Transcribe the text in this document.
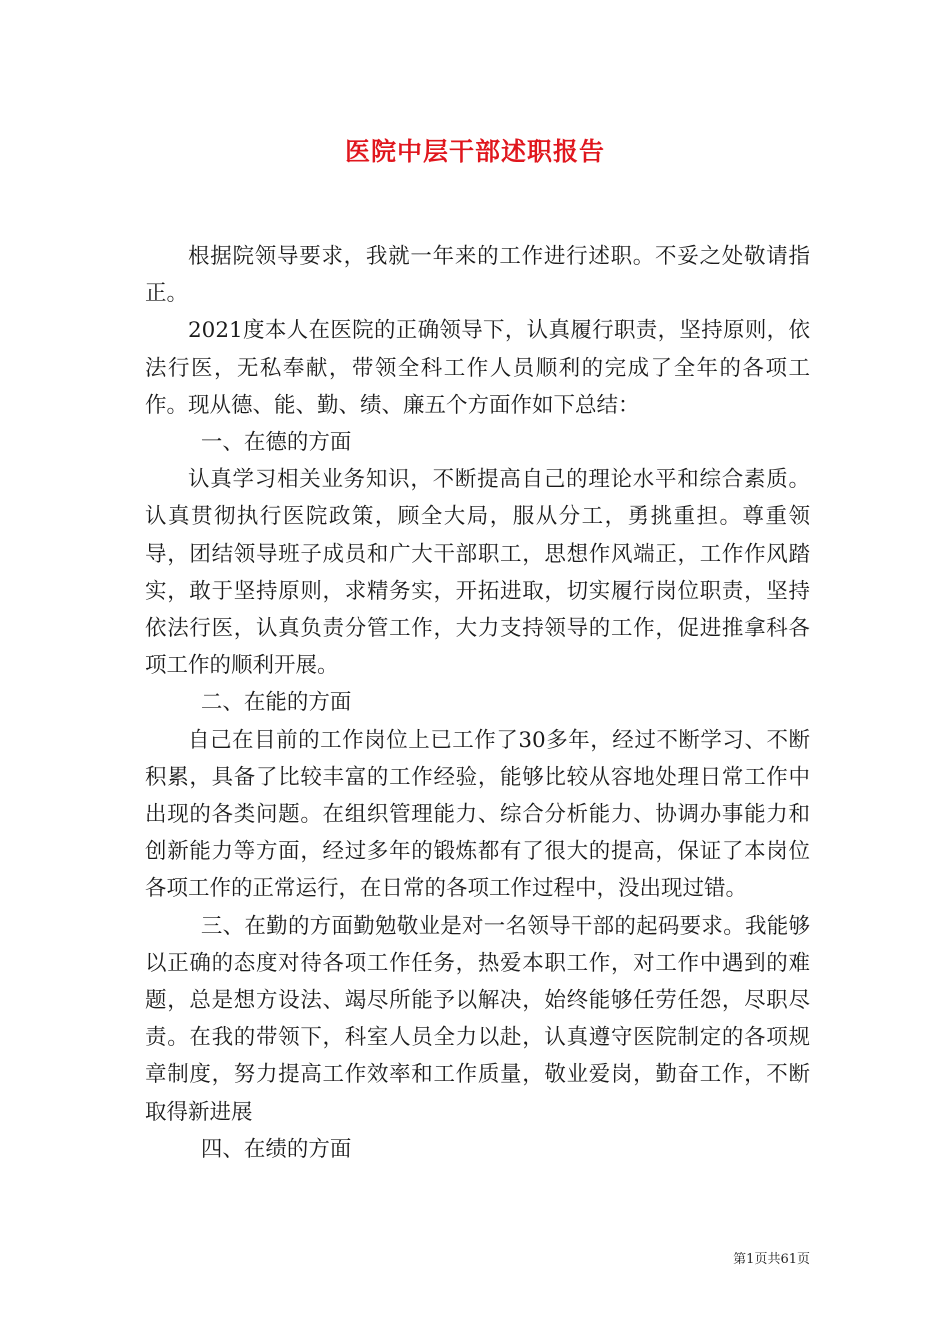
医院中层干部述职报告

根据院领导要求，我就一年来的工作进行述职。不妥之处敬请指正。

2021度本人在医院的正确领导下，认真履行职责，坚持原则，依法行医，无私奉献，带领全科工作人员顺利的完成了全年的各项工作。现从德、能、勤、绩、廉五个方面作如下总结：

一、在德的方面

认真学习相关业务知识，不断提高自己的理论水平和综合素质。认真贯彻执行医院政策，顾全大局，服从分工，勇挑重担。尊重领导，团结领导班子成员和广大干部职工，思想作风端正，工作作风踏实，敢于坚持原则，求精务实，开拓进取，切实履行岗位职责，坚持依法行医，认真负责分管工作，大力支持领导的工作，促进推拿科各项工作的顺利开展。

二、在能的方面

自己在目前的工作岗位上已工作了30多年，经过不断学习、不断积累，具备了比较丰富的工作经验，能够比较从容地处理日常工作中出现的各类问题。在组织管理能力、综合分析能力、协调办事能力和创新能力等方面，经过多年的锻炼都有了很大的提高，保证了本岗位各项工作的正常运行，在日常的各项工作过程中，没出现过错。

三、在勤的方面勤勉敬业是对一名领导干部的起码要求。我能够以正确的态度对待各项工作任务，热爱本职工作，对工作中遇到的难题，总是想方设法、竭尽所能予以解决，始终能够任劳任怨，尽职尽责。在我的带领下，科室人员全力以赴，认真遵守医院制定的各项规章制度，努力提高工作效率和工作质量，敬业爱岗，勤奋工作，不断取得新进展

四、在绩的方面

第1页共61页
